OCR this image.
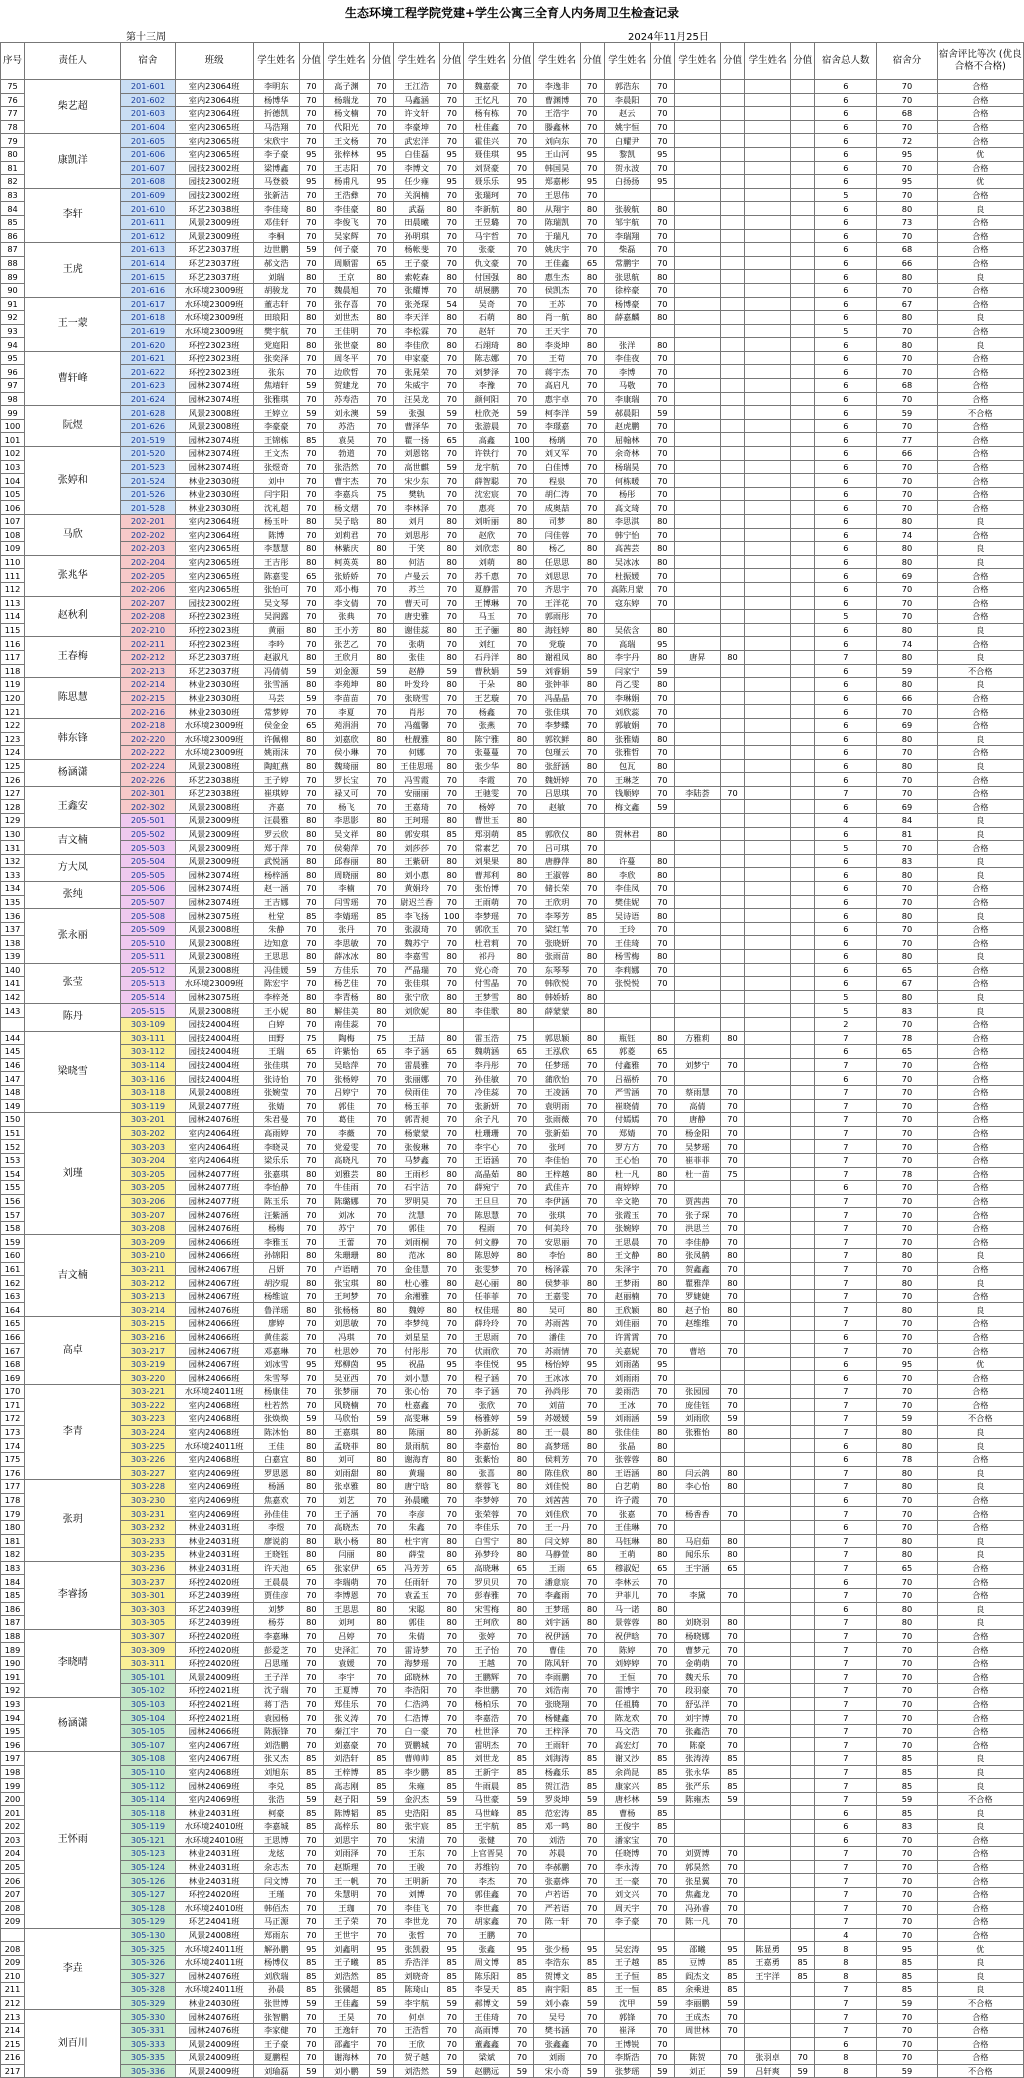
生态环境工程学院党建+学生公寓三全育人内务周卫生检查记录
第十三周	2024年11月25日
序号	责任人	宿舍	班级	学生姓名	分值	学生姓名	分值	学生姓名	分值	学生姓名	分值	学生姓名	分值	学生姓名	分值	学生姓名	分值	学生姓名	分值	宿舍总人数	宿舍分	宿舍评比等次 (优良合格不合格)
75	柴艺超	201-601	室内23064班	李明东	70	高子渊	70	王江浩	70	魏嘉豪	70	李逸非	70	郭浩东	70					6	70	合格
76		201-602	室内23064班	杨博华	70	杨瑞龙	70	马鑫涵	70	王忆凡	70	曹渊博	70	李晨阳	70					6	70	合格
77		201-603	室内23064班	折德凯	70	杨文楠	70	许文轩	70	杨有栋	70	王浩宇	70	赵云	70					6	68	合格
78		201-604	室内23065班	马浩翔	70	代阳光	70	李豪坤	70	杜佳鑫	70	滕鑫林	70	姚宇恒	70					6	70	合格
79	康凯洋	201-605	室内23065班	宋欣宇	70	王文杨	70	武宏洋	70	霍佳兴	70	刘向东	70	白耀尹	70					6	72	合格
80		201-606	室内23065班	李子豪	95	张梓林	95	白佳磊	95	聂佳琪	95	王山河	95	黎凯	95					6	95	优
81		201-607	园技23002班	梁博鑫	70	王志阳	70	李博文	70	刘贤豪	70	韩国昊	70	贺永波	70					6	70	合格
82		201-608	园技23002班	马登毅	95	杨甫凡	95	任少雍	95	聂乐乐	95	郑嘉彬	95	白扬扬	95					6	95	优
83	李轩	201-609	园技23002班	张新洁	70	王浩彝	70	关润楠	70	张瑞珂	70	王思伟	70							5	70	合格
84		201-610	环艺23038班	李佳琦	80	李佳豪	80	武磊	80	李新航	80	从翔宇	80	张骏航	80					6	80	良
85		201-611	风景23009班	邓佳轩	70	李俊飞	70	田晨曦	70	王昱璐	70	陈瑞凯	70	邹宇航	70					6	73	合格
86		201-612	风景23009班	李桐	70	吴家辉	70	孙明琪	70	马宇哲	70	于瑞凡	70	李瑞翔	70					6	70	合格
87	王虎	201-613	环艺23037班	边世鹏	59	何子豪	70	杨帐斐	70	张豪	70	姚庆宇	70	柴磊	70					6	68	合格
88		201-614	环艺23037班	郝文浩	70	周顺雷	65	王子豪	70	仇文豪	70	王佳鑫	65	常鹏宇	70					6	66	合格
89		201-615	环艺23037班	刘瑞	80	王京	80	索乾森	80	付国强	80	惠生杰	80	张思航	80					6	80	良
90		201-616	水环境23009班	胡骏龙	70	魏晨旭	70	张耀博	70	胡展鹏	70	侯凯杰	70	徐梓豪	70					6	70	合格
91	王一蒙	201-617	水环境23009班	董志轩	70	张存喜	70	张尧琛	54	吴奇	70	王苏	70	杨博豪	70					6	67	合格
92		201-618	水环境23009班	田琅阳	80	刘世杰	80	李天洋	80	石萌	80	肖一航	80	薛嘉麟	80					6	80	良
93		201-619	水环境23009班	樊宇航	70	王佳明	70	李松霖	70	赵轩	70	王天宇	70							5	70	合格
94		201-620	环控23023班	党庭阳	80	张世豪	80	李佳欣	80	石翊琦	80	李炎坤	80	张洋	80					6	80	良
95	曹轩峰	201-621	环控23023班	张奕泽	70	周冬平	70	申家豪	70	陈志娜	70	王苟	70	李佳夜	70					6	70	合格
96		201-622	环控23023班	张东	70	边欣哲	70	张晁荣	70	刘梦泽	70	蒋宇杰	70	李博	70					6	70	合格
97		201-623	园林23074班	焦靖轩	59	贺建龙	70	朱威宇	70	李豫	70	高启凡	70	马敬	70					6	68	合格
98		201-624	园林23074班	张雅琪	70	苏寿浩	70	汪昊龙	70	颜何阳	70	惠宇卓	70	李康瑞	70					6	70	合格
99	阮煜	201-628	风景23008班	王婷立	59	刘永澳	59	张强	59	杜欣尧	59	柯李洋	59	郝晨阳	59					6	59	不合格
100		201-626	风景23008班	李豪豪	70	苏浩	70	曹泽华	70	张游晨	70	李璟嘉	70	赵虎鹏	70					6	70	合格
101		201-519	园林23074班	王锦栋	85	袁昊	70	瞿一扬	65	高鑫	100	杨璃	70	屈翰林	70					6	77	合格
102	张婷和	201-520	园林23074班	王文杰	70	勃道	70	刘恩铭	70	许铁行	70	刘又军	70	余奇林	70					6	66	合格
103		201-523	园林23074班	张煜奇	70	张浩然	70	高世麒	59	龙宇航	70	白佳博	70	杨瑞昊	70					6	70	合格
104		201-524	林业23030班	刘中	70	曹宇杰	70	宋少东	70	薛智聪	70	程泉	70	何栋暖	70					6	70	合格
105		201-526	林业23030班	闫宇阳	70	李嘉兵	75	樊轨	70	沈宏宸	70	胡仁涛	70	杨彤	70					6	70	合格
106		201-528	林业23030班	沈礼超	70	杨文熠	70	李林泽	70	惠亮	70	成奥喆	70	高文琦	70					6	70	合格
107	马欣	202-201	室内23064班	杨玉叶	80	吴子晗	80	刘月	80	刘昕丽	80	司梦	80	李思淇	80					6	80	良
108		202-202	室内23064班	陈博	70	刘莉君	70	刘思彤	70	赵欣	70	闫佳蓉	70	韩宁怡	70					6	74	合格
109		202-203	室内23065班	李慧慧	80	林紫庆	80	于笑	80	刘欣恋	80	杨乙	80	高茜芸	80					6	80	良
110	张兆华	202-204	室内23065班	王吉彤	80	柯英英	80	何洁	80	刘萌	80	任思思	80	吴冰冰	80					6	80	良
111		202-205	室内23065班	陈嘉雯	65	张娇娇	70	卢曼云	70	苏千惠	70	刘思思	70	杜振媛	70					6	69	合格
112		202-206	室内23065班	张怡可	70	邓小梅	70	苏兰	70	夏静雷	70	齐思宇	70	高陈月蒙	70					6	70	合格
113	赵秋利	202-207	园技23002班	吴文琴	70	李文倩	70	曹天可	70	王博琳	70	王洋花	70	寇东婷	70					6	70	合格
114		202-208	环控23023班	吴润露	70	张典	70	唐史雅	70	马玉	70	郭雨彤	70							5	70	合格
115		202-210	环控23023班	黄丽	80	王小芳	80	谢佳蕊	80	王子骊	80	海钰婷	80	吴依含	80					6	80	良
116	王春梅	202-211	环控23023班	李吟	70	张艺乙	70	张萌	70	刘红	70	党璇	70	高瑞	95					6	74	合格
117		202-212	环艺23037班	赵淑凡	80	王欣月	80	张佳	80	石丹洋	80	谢祖凤	80	李宇丹	80	唐昇	80			7	80	良
118		202-213	环艺23037班	冯倩倩	59	刘金源	59	赵静	59	曹秋娟	59	刘睿娟	59	闫家宁	59					6	59	不合格
119	陈思慧	202-214	林业23030班	张雪涵	80	李苑坤	80	叶发玲	80	于朵	80	张钟菲	80	肖乙雯	80					6	80	良
120		202-215	林业23030班	马芸	59	李苗苗	70	张晓雪	70	王艺璇	70	冯晶晶	70	李琳娟	70					6	66	合格
121		202-216	林业23030班	常梦婷	70	李夏	70	肖彤	70	杨鑫	70	张佳琪	70	刘欣蕊	70					6	70	合格
122	韩东锋	202-218	水环境23009班	侯金金	65	苑涓涓	70	冯蕴馨	70	张燕	70	李梦蝶	70	郭敏娟	70					6	69	合格
123		202-220	水环境23009班	许佩棉	80	刘嘉欣	80	杜靓雅	80	陈宁雅	80	郭钦鲜	80	张雅婧	80					6	80	良
124		202-222	水环境23009班	姚雨沫	70	侯小琳	70	何娜	70	张蔓蔓	70	包瑾云	70	张雅哲	70					6	70	合格
125	杨涵潇	202-224	风景23008班	陶虹燕	80	魏琦丽	80	王佳思瑶	80	张少华	80	张舒涵	80	包瓦	80					6	80	良
126		202-226	环艺23038班	王子婷	70	罗长宝	70	冯雪霞	70	李霞	70	魏妍婷	70	王琳芝	70					6	70	合格
127	王鑫安	202-301	环艺23038班	崔琪婷	70	禄又可	70	安丽丽	70	王驰雯	70	吕思琪	70	钱顺婷	70	李陆荟	70			7	70	合格
128		202-302	风景23008班	齐嘉	70	杨飞	70	王嘉琦	70	杨婷	70	赵敏	70	梅文鑫	59					6	69	合格
129		205-501	风景23009班	汪晨雅	80	李思影	80	王珂瑶	80	曹世玉	80									4	84	良
130	吉文楠	205-502	风景23009班	罗云欣	80	吴文祥	80	郭安琪	85	郑羽萌	85	郭欣仪	80	贺林君	80					6	81	良
131		205-503	风景23009班	郑于萍	70	侯菊萍	70	刘莎莎	70	常素艺	70	吕可琪	70							5	70	合格
132	方大凤	205-504	风景23009班	武悦涵	80	邱春丽	80	王紫研	80	刘果果	80	唐静萍	80	许蔓	80					6	83	良
133		205-505	园林23074班	杨梓涵	80	周晓丽	80	刘小惠	80	曹邦利	80	王淑蓉	80	李欣	80					6	80	良
134	张纯	205-506	园林23074班	赵一涵	70	李楠	70	黄娟玲	70	张怡博	70	储长荣	70	李佳凤	70					6	70	合格
135		205-507	园林23074班	王吉娜	70	闫雪瑶	70	尉迟兰香	70	王雨萌	70	王欣玥	70	樊佳妮	70					6	70	合格
136	张永丽	205-508	园林23075班	杜堂	85	李婧瑶	85	李飞扬	100	李梦瑶	70	李琴芳	85	吴诗语	80					6	80	良
137		205-509	风景23008班	朱静	70	张丹	70	张淑琦	70	郭欣玉	70	梁红苇	70	王玲	70					6	70	合格
138		205-510	风景23008班	边知意	70	李思敏	70	魏苏宁	70	杜君莉	70	张晓妍	70	王佳琦	70					6	70	合格
139		205-511	风景23008班	王思思	80	薛冰冰	80	李嘉雪	80	祁丹	80	张雨苗	80	杨雪梅	80					6	80	良
140	张莹	205-512	风景23008班	冯佳媛	59	方佳乐	70	严晶瑞	70	党心奇	70	东琴琴	70	李莉娜	70					6	65	合格
141		205-513	水环境23009班	陈宏宇	70	杨艺佳	70	张佳琪	70	付雪晶	70	韩欣悦	70	张悦悦	70					6	67	合格
142		205-514	园林23075班	李梓尧	80	李青杨	80	张宁欣	80	王梦雪	80	韩娇娇	80							5	80	良
143	陈丹	205-515	风景23008班	王小妮	80	解佳美	80	刘欣妮	80	李佳歌	80	薛蒙蒙	80							5	83	良
		303-109	园技24004班	白婷	70	南佳蕊	70													2	70	合格
144	梁晓雪	303-111	园技24004班	田野	75	陶梅	75	王喆	80	雷玉浩	75	郭思颖	80	瓶钰	80	方雅莉	80			7	78	合格
145		303-112	园技24004班	王瑞	65	许紫怡	65	李子涵	65	魏萌涵	65	王泓欣	65	郭菱	65					6	65	合格
146		303-114	园技24004班	张佳琪	70	吴晗萍	70	雷晨雅	70	李丹彤	70	任梦瑶	70	付鑫雅	70	刘梦宁	70			7	70	合格
147		303-116	园技24004班	张诗怡	70	张杨婷	70	张丽娜	70	孙佳敏	70	蒲欣怡	70	吕福桥	70					6	70	合格
148		303-118	风景24008班	张婉莹	70	吕婷宁	70	侯雨佳	70	冷佳蕊	70	王凌涵	70	严雪涵	70	蔡雨慧	70			7	70	合格
149		303-119	风景24077班	张婧	70	郭佳	70	杨玉菲	70	张新妍	70	袁明雨	70	崔晓倩	70	高倩	70			7	70	合格
150	刘瑾	303-201	园林24076班	朱君曼	70	葛佳	70	郭青昶	70	余子凡	70	张雨薇	70	付嫣嫣	70	唐静	70			7	70	合格
151		303-202	室内24064班	高雨婷	70	李薇	70	杨蒙蒙	70	杜珊珊	70	张新茹	70	郑婧	70	杨金阳	70			7	70	合格
152		303-203	室内24064班	李晓灵	70	党爱雯	70	张俊琳	70	李宇心	70	张珂	70	罗方方	70	吴梦瑶	70			7	70	合格
153		303-204	室内24064班	梁乐乐	70	高晓凡	70	马梦鑫	70	王语涵	70	李佳怡	70	王心怡	70	崔菲菲	70			7	70	合格
154		303-205	园林24077班	张嘉琪	80	刘雅芸	80	王雨杉	80	高晶茹	80	王梓越	80	杜一凡	80	杜一苗	75			7	78	合格
155		303-205	园林24077班	李怡静	70	牛佳雨	70	石宇洁	70	薛宛宁	70	武佳卉	70	南婷婷	70					6	70	合格
156		303-206	园林24077班	陈玉乐	70	陈璐娜	70	罗明昊	70	王旦旦	70	李伊涵	70	辛文艳	70	贾茜茜	70			7	70	合格
157		303-207	园林24076班	汪紫涵	70	刘冰	70	沈慧	70	陈思慧	70	张琪	70	张霞玉	70	张子琛	70			7	70	合格
158		303-208	园林24076班	杨梅	70	苏宁	70	郭佳	70	程雨	70	何美玲	70	张婉婷	70	洪思兰	70			7	70	合格
159	吉文楠	303-209	园林24066班	李雅玉	70	王蕾	70	刘雨桐	70	何文静	70	安思丽	70	王思晨	70	李佳静	70			7	70	合格
160		303-210	园林24066班	孙锦阳	80	朱珊珊	80	范冰	80	陈思婷	80	李怡	80	王文静	80	张凤鹤	80			7	80	良
161		303-211	园林24067班	吕妍	70	卢语晴	70	金佳慧	70	张雯梦	70	杨泽霖	70	朱泽宇	70	贺鑫鑫	70			7	70	合格
162		303-212	园林24067班	胡汐琨	80	张宝琪	80	杜心雅	80	赵心丽	80	侯梦菲	80	王梦雨	80	瞿雅萍	80			7	80	良
163		303-213	园林24067班	杨维谊	70	王珂梦	70	余湘雅	70	任菲菲	70	王嘉雯	70	赵丽楠	70	罗婕婕	70			7	70	合格
164		303-214	园林24076班	鲁洋瑶	80	张杨杨	80	魏婷	80	权佳瑶	80	吴可	80	王欣颖	80	赵子怡	80			7	80	良
165	高卓	303-215	园林24066班	廖婷	70	刘思敏	70	李梦纯	70	薛玲玲	70	苏雨茜	70	刘佳丽	70	赵维维	70			7	70	合格
166		303-216	园林24066班	黄佳蕊	70	冯琪	70	刘星星	70	王思雨	70	潘佳	70	许霄霄	70					6	70	合格
167		303-217	园林24067班	邓嘉琳	70	杜思妙	70	付彤彤	70	伏雨欣	70	苏雨情	70	关嘉妮	70	曹培	70			7	70	合格
168		303-219	园林24067班	刘冰雪	95	郑柳茵	95	祝晶	95	李佳悦	95	杨怡婷	95	刘雨菡	95					6	95	优
169		303-220	园林24066班	朱雪琴	70	吴亚西	70	刘小慧	70	程子涵	70	王冰冰	70	刘雨雨	70					6	70	合格
170	李青	303-221	水环境24011班	杨康佳	70	张梦丽	70	张心怡	70	李子涵	70	孙尚彤	70	姜雨浩	70	张园园	70			7	70	合格
171		303-222	室内24068班	杜若然	70	风晓楠	70	杜嘉鑫	70	张欣	70	刘苗	70	王冰	70	庞佳钰	70			7	70	合格
172		303-223	室内24068班	张焕焕	59	马欣怡	59	高雯琳	59	杨雅婷	59	苏媛媛	59	刘雨涵	59	刘雨欣	59			7	59	不合格
173		303-224	室内24068班	陈沐怡	80	王嘉琪	80	陈丽	80	孙新蕊	80	王一晨	80	张佳佳	80	张雅怡	80			7	80	良
174		303-225	水环境24011班	王佳	80	孟晓菲	80	景雨航	80	李嘉怡	80	高梦瑶	80	张晶	80					6	80	良
175		303-226	室内24068班	白嘉宜	80	刘可	80	谢海育	80	张紫怡	80	侯莉芳	70	张蓉蓉	80					6	78	合格
176		303-227	室内24069班	罗思恩	80	刘雨甜	80	黄瑞	80	张喜	80	陈佳欣	80	王语涵	80	闫云鸽	80			7	80	良
177	张玥	303-228	室内24069班	杨涵	80	张卓雅	80	唐宁晗	80	蔡蓉飞	80	刘佳悦	80	白艺萌	80	李心怡	80			7	80	良
178		303-230	室内24069班	焦嘉欢	70	刘艺	70	孙晨曦	70	李梦婷	70	刘茜茜	70	许子霞	70					6	70	合格
179		303-231	室内24069班	孙佳佳	70	王子涵	70	李彦	70	张荣蓉	70	刘佳欣	70	张嘉	70	杨香香	70			7	70	合格
180		303-232	林业24031班	李煜	70	高晓杰	70	朱鑫	70	李佳乐	70	王一丹	70	王佳琳	70					6	70	合格
181		303-233	林业24031班	廖说韵	80	耿小杨	80	杜宇宵	80	白雪宁	80	闫文婷	80	马钰琳	80	马启茹	80			7	80	良
182		303-235	林业24031班	王晓钰	80	闫丽	80	薛莹	80	孙梦玲	80	马静萱	80	王萌	80	闻乐乐	80			7	80	良
183	李睿扬	303-236	林业24031班	许天池	65	张家伊	65	冯芳芳	65	高晓琳	65	王雨	65	穆淑妃	65	王宇涵	65			7	65	合格
184		303-237	环控24020班	王晨晨	70	李瑞萌	70	任雨轩	70	罗贝贝	70	潘意宸	70	李林云	70					6	70	合格
185		303-301	环艺24039班	贾佳彦	70	李博恩	70	袁孟玉	70	彭春雅	70	李鑫雨	70	尹菲儿	70	李黛	70			7	70	合格
186		303-303	环艺24039班	刘梦	80	王思思	80	宋聪	80	宋雪梅	80	王梦瑶	80	马一诺	80					6	80	良
187		303-305	环艺24039班	杨芬	80	刘珂	80	郭佳	80	王珂欣	80	刘宇涵	80	景蓉蓉	80	刘晓羽	80			7	80	良
188	李晓晴	303-307	环控24020班	李嘉琳	70	吕婷	70	朱倩	70	张婷	70	祝伊涵	70	祝伊晗	70	杨晓娜	70			7	70	合格
189		303-309	环控24020班	彭爱芝	70	史泽汇	70	雷诗梦	70	王子怡	70	曹佳	70	陈婷	70	曹梦元	70			7	70	合格
190		303-311	环控24020班	吕思瑾	70	袁媛	70	海梦瑶	70	王越	70	陈风轩	70	刘婷婷	70	金萌萌	70			7	70	合格
191		305-101	风景24009班	王子洋	70	李宇	70	邱晓林	70	王鹏辉	70	李雨鹏	70	王恒	70	魏天乐	70			7	70	合格
192		305-102	环控24021班	沈子瑞	70	王夏博	70	李浩阳	70	李世鹏	70	刘浩南	70	雷博宇	70	段羽豪	70			7	70	合格
193	杨涵潇	305-103	环控24021班	蒋丁浩	70	郑佳乐	70	仁浩鸿	70	杨柏乐	70	张晓翔	70	任祖腾	70	舒弘洋	70			7	70	合格
194		305-104	环控24021班	袁园杨	70	张义涛	70	仁浩博	70	李嘉浩	70	杨健鑫	70	陈龙欢	70	刘宇博	70			7	70	合格
195		305-105	园林24066班	陈振锋	70	秦江宇	70	白一豪	70	杜世泽	70	王梓泽	70	马文浩	70	张鑫浩	70			7	70	合格
196		305-107	室内24067班	刘浩鹏	70	刘嘉豪	70	贾鹏城	70	雷明杰	70	王雨轩	70	高宏灯	70	陈豪	70			7	70	合格
197	王怀雨	305-108	室内24067班	张又杰	85	刘浩轩	85	曹帅帅	85	刘世龙	85	刘海涛	85	谢又沙	85	张涛涛	85			7	85	良
198		305-110	室内24068班	刘旭东	85	王梓博	85	李少鹏	85	王新宇	85	杨鑫乐	85	余尚昆	85	张永华	85			7	85	良
199		305-112	园林24069班	李兑	85	高志刚	85	朱雍	85	牛雨晨	85	贺江浩	85	康家兴	85	张严乐	85			7	85	良
200		305-114	室内24069班	张浩	59	赵子阳	59	金沢杰	59	马世豪	59	罗炎坤	59	唐杉林	59	陈雍杰	59			7	59	不合格
201		305-118	林业24031班	柯豪	85	陈博韬	85	史浩阳	85	马世峰	85	范宏涛	85	曹杨	85					6	85	良
202		305-119	水环境24010班	李嘉城	85	高梓乐	80	张宇宸	85	王宇航	85	邓一鸣	80	王俊宇	85					6	83	良
203		305-121	水环境24010班	王思博	70	刘思宇	70	宋清	70	张健	70	刘浩	70	潘家宝	70					6	70	合格
204		305-123	林业24031班	龙炫	70	刘雨泽	70	王东	70	上官晋昊	70	苏晨	70	任晓博	70	刘贾博	70			7	70	合格
205		305-124	林业24031班	余志杰	70	赵斯理	70	王骏	70	苏维钧	70	李郝鹏	70	李永涛	70	郭昊然	70			7	70	合格
206		305-126	林业24031班	闫文博	70	王一帆	70	王明新	70	李杰	70	张嘉烨	70	王一豪	70	张星翼	70			7	70	合格
207		305-127	环控24020班	王瑾	70	朱慧明	70	刘博	70	郭佳鑫	70	卢若语	70	刘文兴	70	焦鑫龙	70			7	70	合格
208		305-128	水环境24010班	韩佰杰	70	王珈	70	李佳飞	70	李世鑫	70	严若语	70	周天宇	70	冯孙睿	70			7	70	合格
209		305-129	环艺24041班	马正源	70	王子荣	70	李世龙	70	胡家鑫	70	陈一轩	70	李子豪	70	陈一凡	70			7	70	合格
	李垚	305-130	风景24008班	郑雨东	70	王世宇	70	张哲	70	王鹏	70									4	70	合格
208		305-325	水环境24011班	解孙鹏	95	刘鑫明	95	张凯毅	95	张鑫	95	张少杨	95	吴宏涛	95	邵曦	95	陈显勇	95	8	95	优
209		305-326	水环境24011班	杨博仪	85	王子曦	85	乔浩洋	85	周文博	85	李浩东	85	王子越	85	豆博	85	王嘉勇	85	8	85	良
210		305-327	园林24076班	刘欣瑞	85	刘浩然	85	刘晓奇	85	陈乐阳	85	贺博文	85	王子恒	85	阎杰文	85	王宇洋	85	8	85	良
211		305-328	水环境24011班	孙晨	85	张骥超	85	陈琦山	85	李旻天	85	南宇阳	85	王一恒	85	余乘进	85			7	85	良
212		305-329	林业24030班	张世博	59	王佳鑫	59	李宇航	59	郝博文	59	刘小森	59	沈甲	59	李丽鹏	59			7	59	不合格
213	刘百川	305-330	园林24076班	张智鹏	70	王昊	70	何卓	70	王佳琦	70	吴号	70	郭锋	70	王成杰	70			7	70	合格
214		305-331	园林24076班	李家健	70	王逸轩	70	王浩哲	70	高雨博	70	樊书涵	70	崔泽	70	周世林	70			7	70	合格
215		305-333	风景24009班	王子豪	70	邵鑫宇	70	王欣	70	董鑫鑫	70	张鑫鑫	70	王博锐	70					6	70	合格
216		305-335	风景24009班	夏鹏程	70	谢海林	70	贺子越	70	梁斌	70	刘雨	70	李斯浩	70	陈贺	70	张羽卓	70	8	70	合格
217		305-336	风景24009班	刘瑜磊	59	刘小鹏	59	刘浩然	59	赵鹏远	59	宋小奇	59	张梦瑶	59	刘正	59	吕轩爽	59	8	59	不合格
